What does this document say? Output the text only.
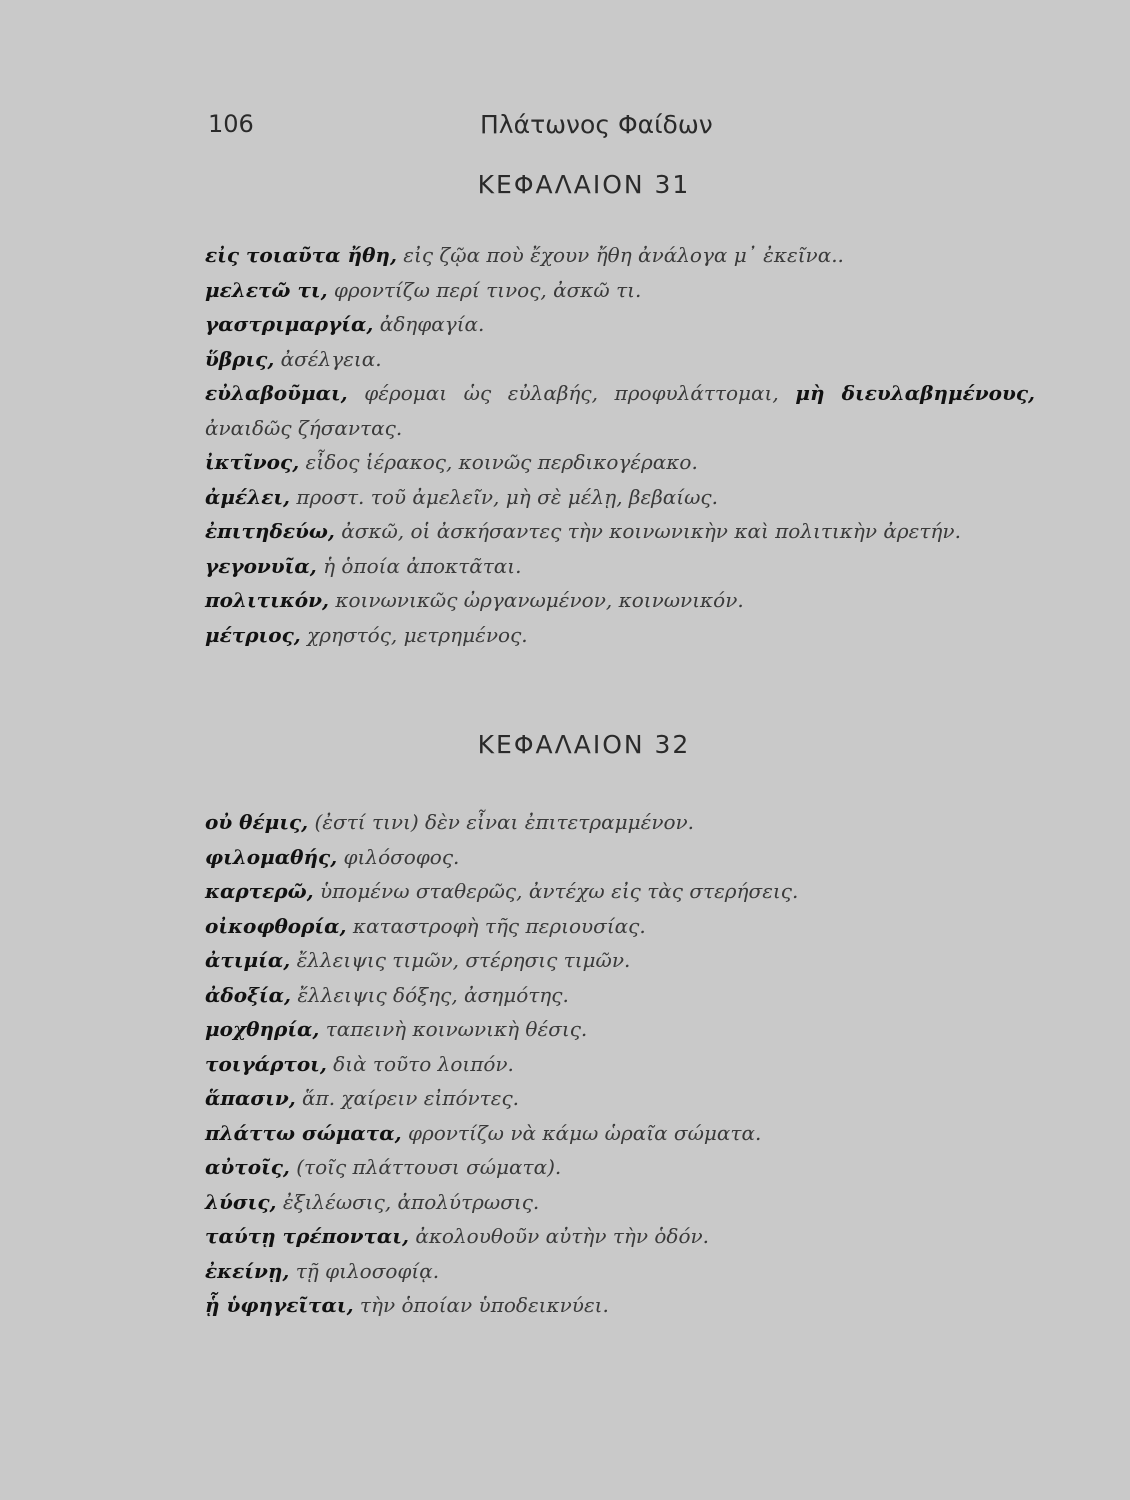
106	Πλάτωνος Φαίδων
ΚΕΦΑΛΑΙΟΝ 31
εἰς τοιαῦτα ἤθη, εἰς ζῷα ποὺ ἔχουν ἤθη ἀνάλογα μ᾽ ἐκεῖνα..
μελετῶ τι, φροντίζω περί τινος, ἀσκῶ τι.
γαστριμαργία, ἀδηφαγία.
ὕβρις, ἀσέλγεια.
εὐλαβοῦμαι, φέρομαι ὡς εὐλαβής, προφυλάττομαι, μὴ διευλαβημένους, ἀναιδῶς ζήσαντας.
ἰκτῖνος, εἶδος ἱέρακος, κοινῶς περδικογέρακο.
ἀμέλει, προστ. τοῦ ἀμελεῖν, μὴ σὲ μέλῃ, βεβαίως.
ἐπιτηδεύω, ἀσκῶ, οἱ ἀσκήσαντες τὴν κοινωνικὴν καὶ πολιτικὴν ἀρετήν.
γεγονυῖα, ἡ ὁποία ἀποκτᾶται.
πολιτικόν, κοινωνικῶς ὠργανωμένον, κοινωνικόν.
μέτριος, χρηστός, μετρημένος.
ΚΕΦΑΛΑΙΟΝ 32
οὐ θέμις, (ἐστί τινι) δὲν εἶναι ἐπιτετραμμένον.
φιλομαθής, φιλόσοφος.
καρτερῶ, ὑπομένω σταθερῶς, ἀντέχω εἰς τὰς στερήσεις.
οἰκοφθορία, καταστροφὴ τῆς περιουσίας.
ἀτιμία, ἔλλειψις τιμῶν, στέρησις τιμῶν.
ἀδοξία, ἔλλειψις δόξης, ἀσημότης.
μοχθηρία, ταπεινὴ κοινωνικὴ θέσις.
τοιγάρτοι, διὰ τοῦτο λοιπόν.
ἅπασιν, ἅπ. χαίρειν εἰπόντες.
πλάττω σώματα, φροντίζω νὰ κάμω ὡραῖα σώματα.
αὐτοῖς, (τοῖς πλάττουσι σώματα).
λύσις, ἐξιλέωσις, ἀπολύτρωσις.
ταύτῃ τρέπονται, ἀκολουθοῦν αὐτὴν τὴν ὁδόν.
ἐκείνῃ, τῇ φιλοσοφίᾳ.
ᾗ ὑφηγεῖται, τὴν ὁποίαν ὑποδεικνύει.
